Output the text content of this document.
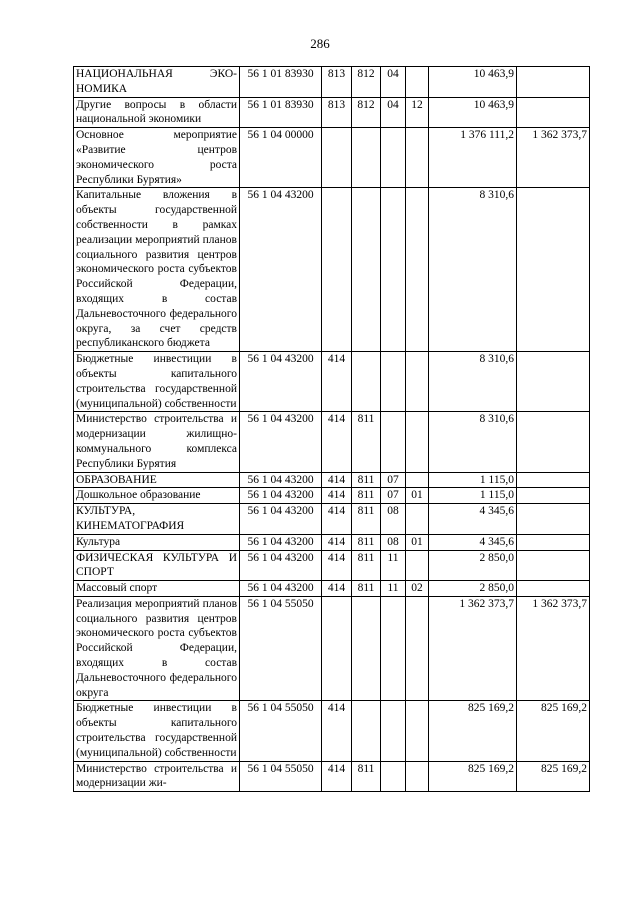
286
НАЦИОНАЛЬНАЯ ЭКО-НОМИКА	56 1 01 83930	813	812	04		10 463,9	
Другие вопросы в области национальной экономики	56 1 01 83930	813	812	04	12	10 463,9	
Основное мероприятие «Развитие центров экономического роста Республики Бурятия»	56 1 04 00000					1 376 111,2	1 362 373,7
Капитальные вложения в объекты государственной собственности в рамках реализации мероприятий планов социального развития центров экономического роста субъектов Российской Федерации, входящих в состав Дальневосточного федерального округа, за счет средств республиканского бюджета	56 1 04 43200					8 310,6	
Бюджетные инвестиции в объекты капитального строительства государственной (муниципальной) собственности	56 1 04 43200	414				8 310,6	
Министерство строительства и модернизации жилищно-коммунального комплекса Республики Бурятия	56 1 04 43200	414	811			8 310,6	
ОБРАЗОВАНИЕ	56 1 04 43200	414	811	07		1 115,0	
Дошкольное образование	56 1 04 43200	414	811	07	01	1 115,0	
КУЛЬТУРА, КИНЕМАТОГРАФИЯ	56 1 04 43200	414	811	08		4 345,6	
Культура	56 1 04 43200	414	811	08	01	4 345,6	
ФИЗИЧЕСКАЯ КУЛЬТУРА И СПОРТ	56 1 04 43200	414	811	11		2 850,0	
Массовый спорт	56 1 04 43200	414	811	11	02	2 850,0	
Реализация мероприятий планов социального развития центров экономического роста субъектов Российской Федерации, входящих в состав Дальневосточного федерального округа	56 1 04 55050					1 362 373,7	1 362 373,7
Бюджетные инвестиции в объекты капитального строительства государственной (муниципальной) собственности	56 1 04 55050	414				825 169,2	825 169,2
Министерство строительства и модернизации жи-	56 1 04 55050	414	811			825 169,2	825 169,2
